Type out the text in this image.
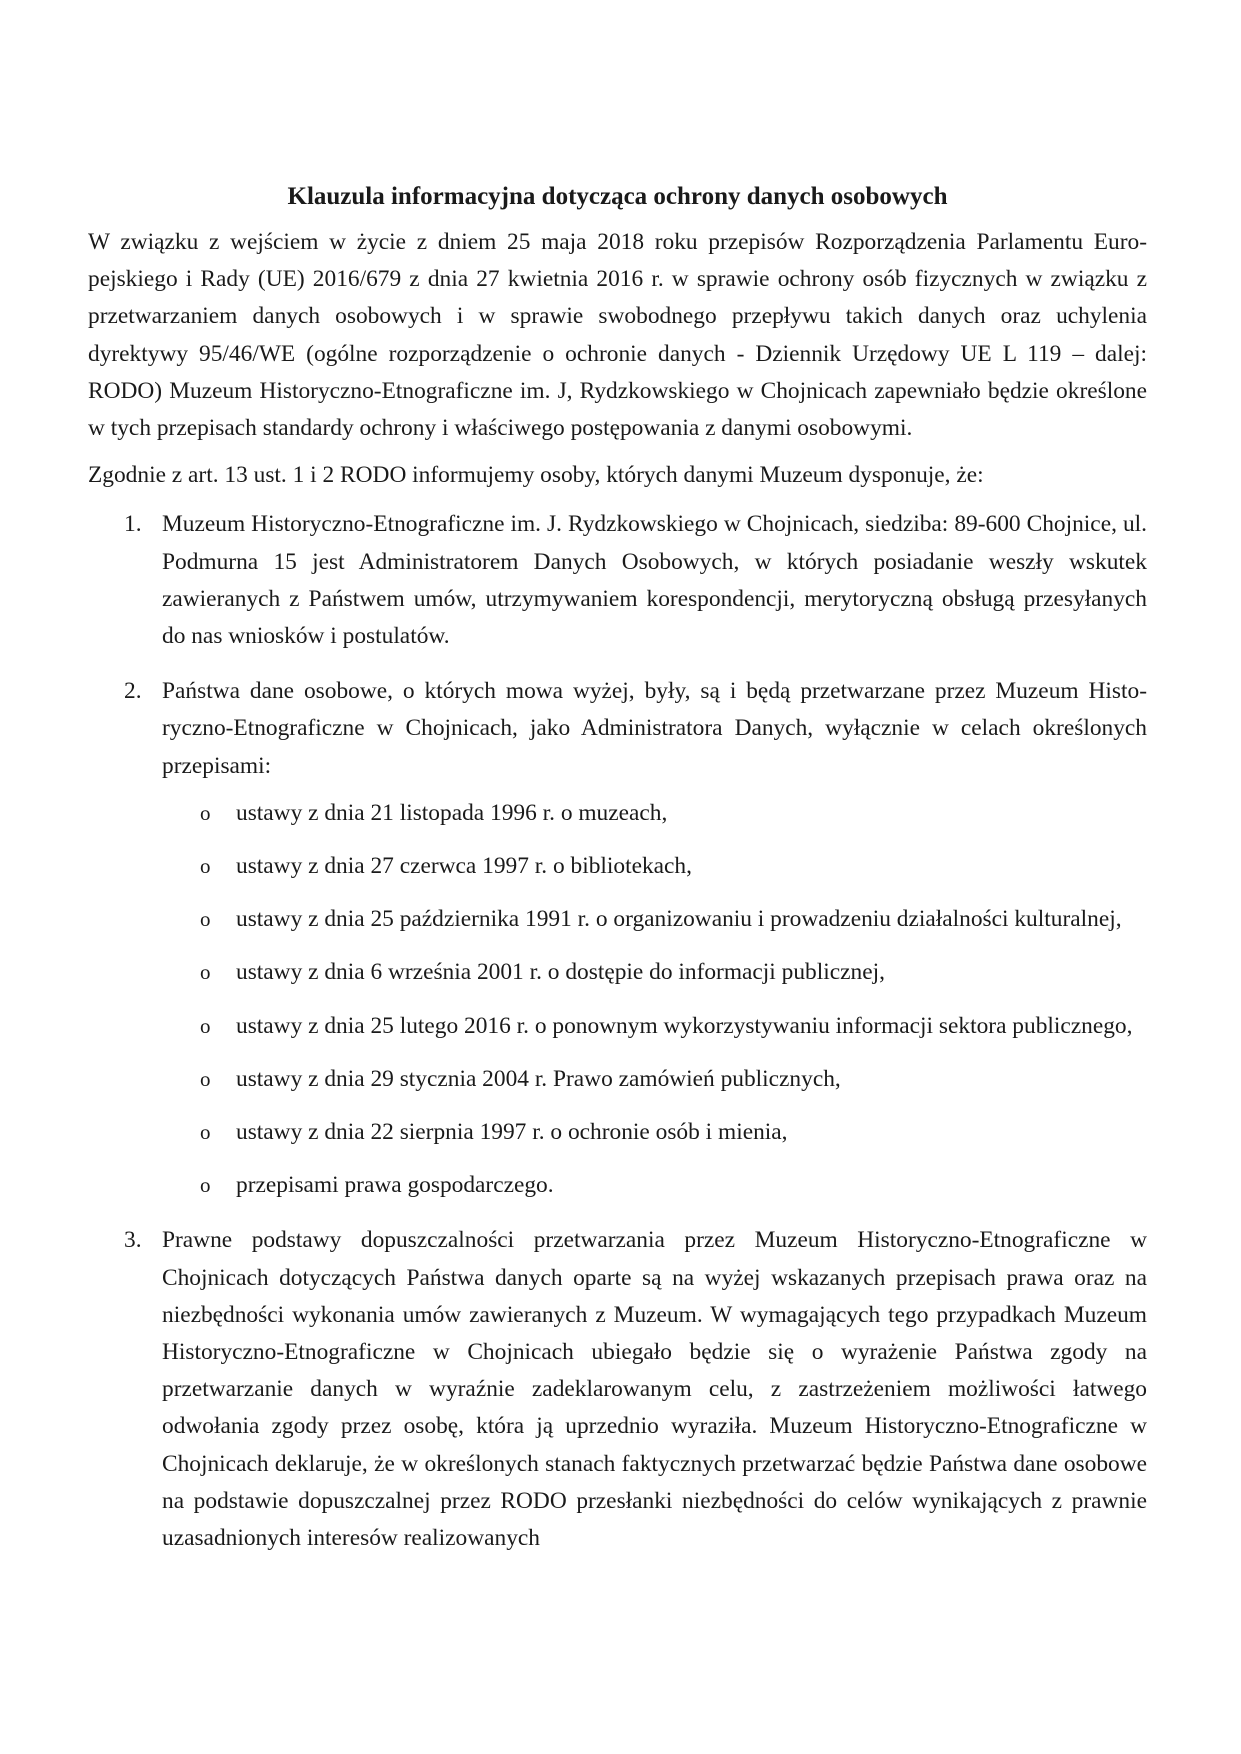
Klauzula informacyjna dotycząca ochrony danych osobowych

W związku z wejściem w życie z dniem 25 maja 2018 roku przepisów Rozporządzenia Parlamentu Europejskiego i Rady (UE) 2016/679 z dnia 27 kwietnia 2016 r. w sprawie ochrony osób fizycznych w związku z przetwarzaniem danych osobowych i w sprawie swobodnego przepływu takich danych oraz uchylenia dyrektywy 95/46/WE (ogólne rozporządzenie o ochronie danych - Dziennik Urzędowy UE L 119 – dalej: RODO) Muzeum Historyczno-Etnograficzne im. J, Rydzkowskiego w Chojnicach zapewniało będzie określone w tych przepisach standardy ochrony i właściwego postępowania z danymi osobowymi.

Zgodnie z art. 13 ust. 1 i 2 RODO informujemy osoby, których danymi Muzeum dysponuje, że:

1. Muzeum Historyczno-Etnograficzne im. J. Rydzkowskiego w Chojnicach, siedziba: 89-600 Chojnice, ul. Podmurna 15 jest Administratorem Danych Osobowych, w których posiadanie weszły wskutek zawieranych z Państwem umów, utrzymywaniem korespondencji, merytoryczną obsługą przesyłanych do nas wniosków i postulatów.

2. Państwa dane osobowe, o których mowa wyżej, były, są i będą przetwarzane przez Muzeum Historyczno-Etnograficzne w Chojnicach, jako Administratora Danych, wyłącznie w celach określonych przepisami:

o ustawy z dnia 21 listopada 1996 r. o muzeach,

o ustawy z dnia 27 czerwca 1997 r. o bibliotekach,

o ustawy z dnia 25 października 1991 r. o organizowaniu i prowadzeniu działalności kulturalnej,

o ustawy z dnia 6 września 2001 r. o dostępie do informacji publicznej,

o ustawy z dnia 25 lutego 2016 r. o ponownym wykorzystywaniu informacji sektora publicznego,

o ustawy z dnia 29 stycznia 2004 r. Prawo zamówień publicznych,

o ustawy z dnia 22 sierpnia 1997 r. o ochronie osób i mienia,

o przepisami prawa gospodarczego.

3. Prawne podstawy dopuszczalności przetwarzania przez Muzeum Historyczno-Etnograficzne w Chojnicach dotyczących Państwa danych oparte są na wyżej wskazanych przepisach prawa oraz na niezbędności wykonania umów zawieranych z Muzeum. W wymagających tego przypadkach Muzeum Historyczno-Etnograficzne w Chojnicach ubiegało będzie się o wyrażenie Państwa zgody na przetwarzanie danych w wyraźnie zadeklarowanym celu, z zastrzeżeniem możliwości łatwego odwołania zgody przez osobę, która ją uprzednio wyraziła. Muzeum Historyczno-Etnograficzne w Chojnicach deklaruje, że w określonych stanach faktycznych przetwarzać będzie Państwa dane osobowe na podstawie dopuszczalnej przez RODO przesłanki niezbędności do celów wynikających z prawnie uzasadnionych interesów realizowanych
